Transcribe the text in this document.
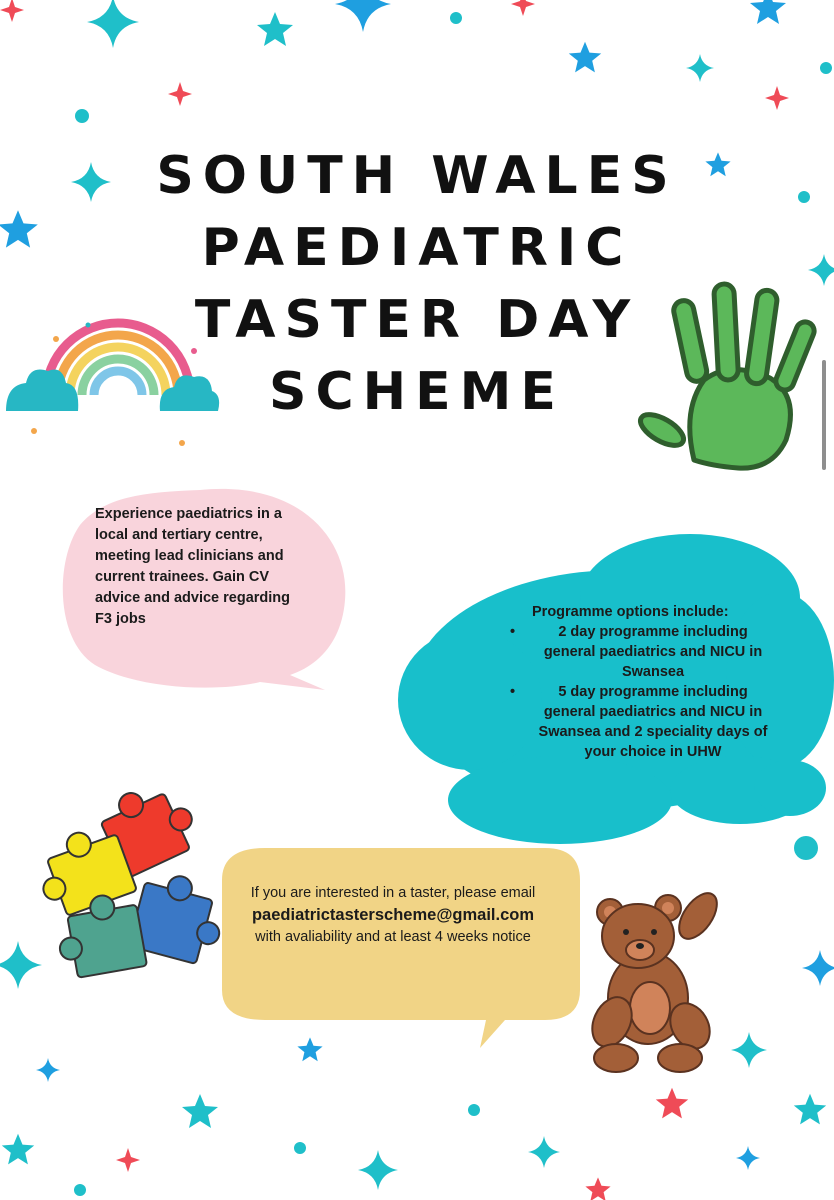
SOUTH WALES
PAEDIATRIC
TASTER DAY
SCHEME
Experience paediatrics in a local and tertiary centre, meeting lead clinicians and current trainees. Gain CV advice and advice regarding F3 jobs	Programme options include:
•	2 day programme including general paediatrics and NICU in Swansea
•	5 day programme including general paediatrics and NICU in Swansea and 2 speciality days of your choice in UHW
If you are interested in a taster, please email
paediatrictasterscheme@gmail.com
with avaliability and at least 4 weeks notice
